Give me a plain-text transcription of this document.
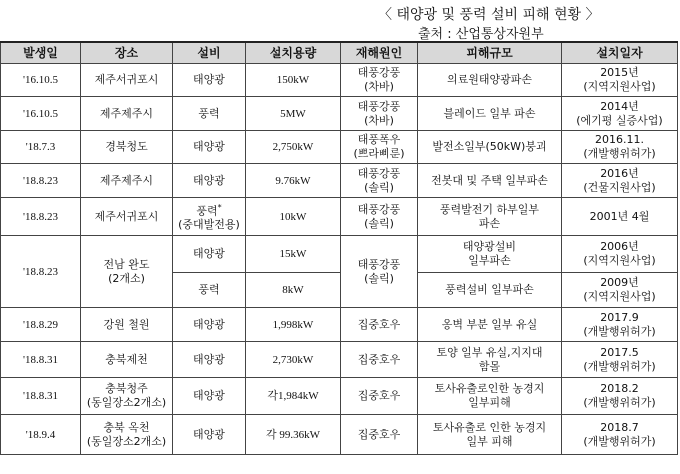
〈 태양광 및 풍력 설비 피해 현황 〉
출처 : 산업통상자원부
발생일	장소	설비	설치용량	재해원인	피해규모	설치일자
'16.10.5	제주서귀포시	태양광	150kW	태풍강풍
(차바)	의료원태양광파손	2015년
(지역지원사업)

'16.10.5	제주제주시	풍력	5MW	태풍강풍
(차바)	블레이드 일부 파손	2014년
(에기평 실증사업)

'18.7.3	경북청도	태양광	2,750kW	태풍폭우
(쁘라삐룬)	발전소일부(50kW)붕괴	2016.11.
(개발행위허가)

'18.8.23	제주제주시	태양광	9.76kW	태풍강풍
(솔릭)	전봇대 및 주택 일부파손	2016년
(건물지원사업)

'18.8.23	제주서귀포시	풍력*
(중대발전용)	10kW	태풍강풍
(솔릭)	풍력발전기 하부일부
파손	2001년 4월

'18.8.23	전남 완도
(2개소)	태양광	15kW	태풍강풍
(솔릭)	태양광설비
일부파손	2006년
(지역지원사업)

		풍력	8kW		풍력설비 일부파손	2009년
(지역지원사업)

'18.8.29	강원 철원	태양광	1,998kW	집중호우	옹벽 부분 일부 유실	2017.9
(개발행위허가)

'18.8.31	충북제천	태양광	2,730kW	집중호우	토양 일부 유실,지지대
함몰	2017.5
(개발행위허가)

'18.8.31	충북청주
(동일장소2개소)	태양광	각1,984kW	집중호우	토사유출로인한 농경지
일부피해	2018.2
(개발행위허가)

'18.9.4	충북 옥천
(동일장소2개소)	태양광	각 99.36kW	집중호우	토사유출로 인한 농경지
일부 피해	2018.7
(개발행위허가)
